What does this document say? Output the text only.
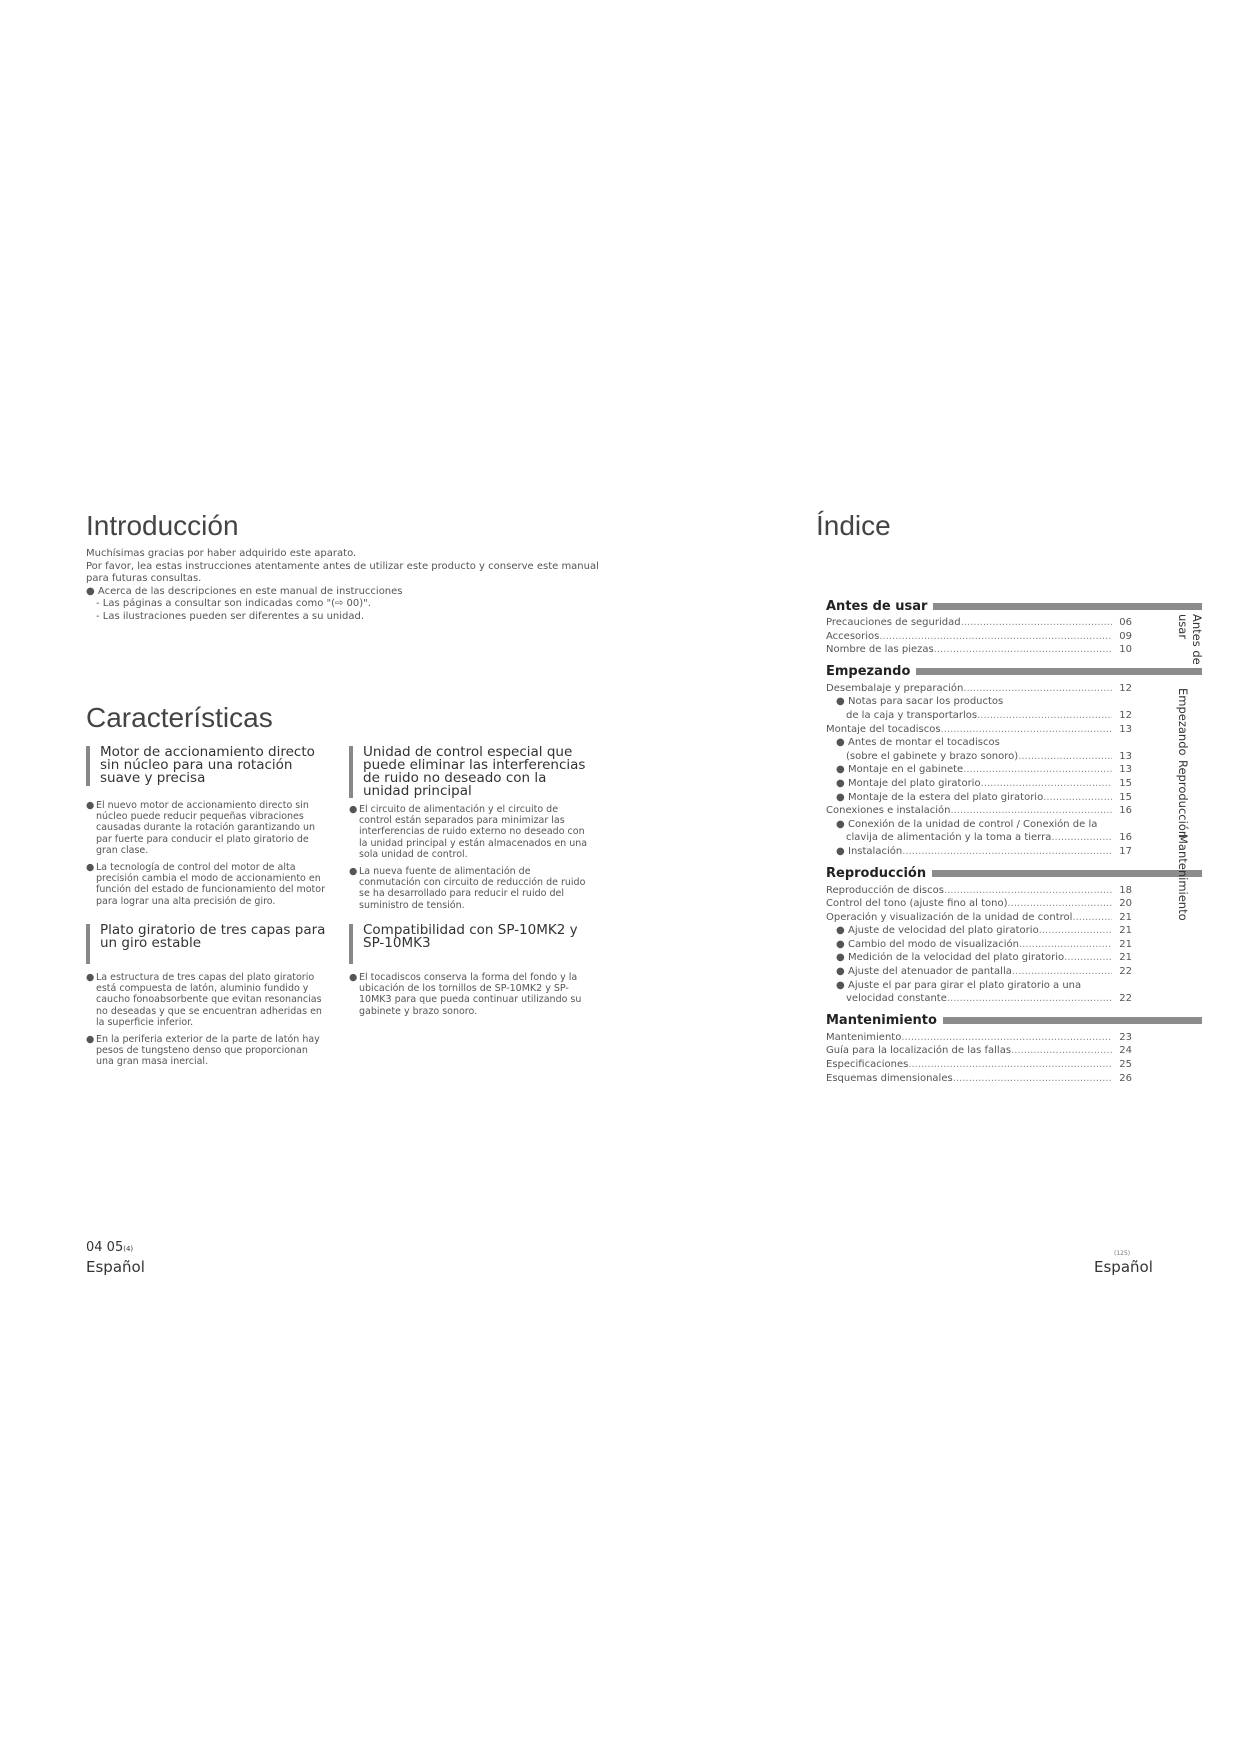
Introducción

Muchísimas gracias por haber adquirido este aparato.

Por favor, lea estas instrucciones atentamente antes de utilizar este producto y conserve este manual

para futuras consultas.

● Acerca de las descripciones en este manual de instrucciones

- Las páginas a consultar son indicadas como "(⇨ 00)".

- Las ilustraciones pueden ser diferentes a su unidad.

Características
Motor de accionamiento directo sin núcleo para una rotación suave y precisa
● El nuevo motor de accionamiento directo sin núcleo puede reducir pequeñas vibraciones causadas durante la rotación garantizando un par fuerte para conducir el plato giratorio de gran clase.
● La tecnología de control del motor de alta precisión cambia el modo de accionamiento en función del estado de funcionamiento del motor para lograr una alta precisión de giro.
Unidad de control especial que puede eliminar las interferencias de ruido no deseado con la unidad principal
● El circuito de alimentación y el circuito de control están separados para minimizar las interferencias de ruido externo no deseado con la unidad principal y están almacenados en una sola unidad de control.
● La nueva fuente de alimentación de conmutación con circuito de reducción de ruido se ha desarrollado para reducir el ruido del suministro de tensión.
Plato giratorio de tres capas para un giro estable
● La estructura de tres capas del plato giratorio está compuesta de latón, aluminio fundido y caucho fonoabsorbente que evitan resonancias no deseadas y que se encuentran adheridas en la superficie inferior.
● En la periferia exterior de la parte de latón hay pesos de tungsteno denso que proporcionan una gran masa inercial.
Compatibilidad con SP-10MK2 y SP-10MK3
● El tocadiscos conserva la forma del fondo y la ubicación de los tornillos de SP-10MK2 y SP-10MK3 para que pueda continuar utilizando su gabinete y brazo sonoro.
04 05(4)
Español
Índice
Antes de usar
Precauciones de seguridad .....	06
Accesorios .....	09
Nombre de las piezas .....	10
Empezando
Desembalaje y preparación .....	12
● Notas para sacar los productos
de la caja y transportarlos .....	12
Montaje del tocadiscos .....	13
● Antes de montar el tocadiscos
(sobre el gabinete y brazo sonoro) .....	13
● Montaje en el gabinete .....	13
● Montaje del plato giratorio .....	15
● Montaje de la estera del plato giratorio .....	15
Conexiones e instalación .....	16
● Conexión de la unidad de control / Conexión de la
clavija de alimentación y la toma a tierra .....	16
● Instalación .....	17
Reproducción
Reproducción de discos .....	18
Control del tono (ajuste fino al tono) .....	20
Operación y visualización de la unidad de control .....	21
● Ajuste de velocidad del plato giratorio .....	21
● Cambio del modo de visualización .....	21
● Medición de la velocidad del plato giratorio .....	21
● Ajuste del atenuador de pantalla .....	22
● Ajuste el par para girar el plato giratorio a una
velocidad constante .....	22
Mantenimiento
Mantenimiento .....	23
Guía para la localización de las fallas .....	24
Especificaciones .....	25
Esquemas dimensionales .....	26
Antes de usar
Empezando
Reproducción
Mantenimiento
(125)
Español
